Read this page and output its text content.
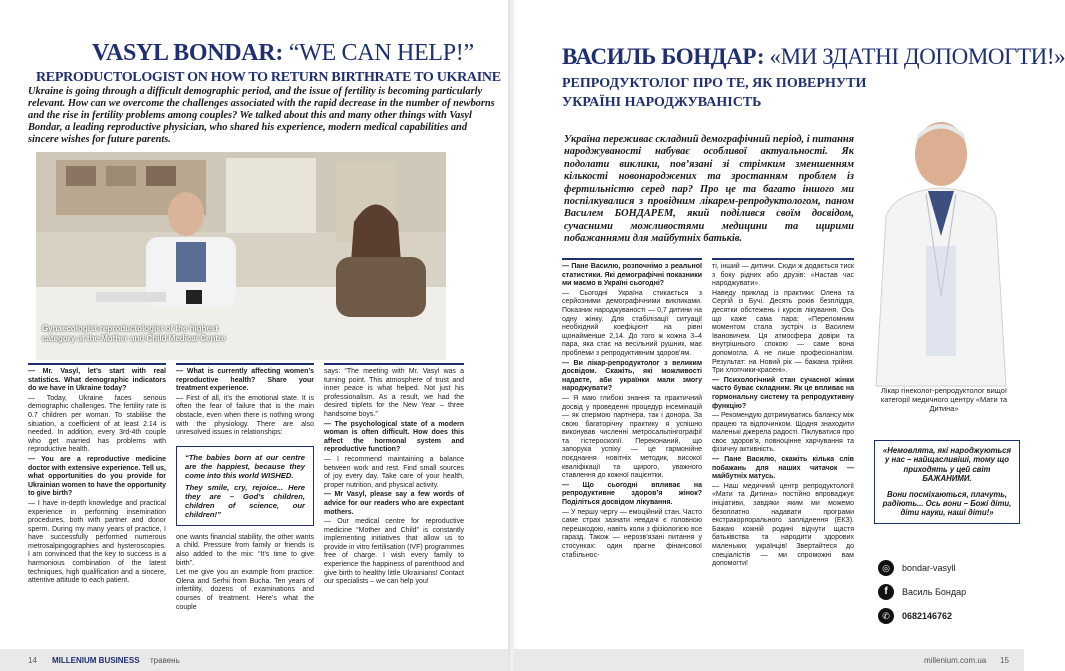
VASYL BONDAR: “WE CAN HELP!”
REPRODUCTOLOGIST ON HOW TO RETURN BIRTHRATE TO UKRAINE

Ukraine is going through a difficult demographic period, and the issue of fertility is becoming particularly relevant. How can we overcome the challenges associated with the rapid decrease in the number of newborns and the rise in fertility problems among couples? We talked about this and many other things with Vasyl Bondar, a leading reproductive physician, who shared his experience, modern medical capabilities and sincere wishes for future parents.

Gynaecologist-reproductologist of the highest category at the Mother and Child Medical Centre

— Mr. Vasyl, let’s start with real statistics. What demographic indicators do we have in Ukraine today?

— Today, Ukraine faces serious demographic challenges. The fertility rate is 0.7 children per woman. To stabilise the situation, a coefficient of at least 2.14 is needed. In addition, every 3rd-4th couple who get married has problems with reproductive health.

— You are a reproductive medicine doctor with extensive experience. Tell us, what opportunities do you provide for Ukrainian women to have the opportunity to give birth?

— I have in-depth knowledge and practical experience in performing insemination procedures, both with partner and donor sperm. During my many years of practice, I have successfully performed numerous metrosalpingographies and hysteroscopies. I am convinced that the key to success is a harmonious combination of the latest techniques, high qualification and a sincere, attentive attitude to each patient.

— What is currently affecting women’s reproductive health? Share your treatment experience.

— First of all, it’s the emotional state. It is often the fear of failure that is the main obstacle, even when there is nothing wrong with the physiology. There are also unresolved issues in relationships:

“The babies born at our centre are the happiest, because they come into this world WISHED.
They smile, cry, rejoice... Here they are – God’s children, children of science, our children!”

one wants financial stability, the other wants a child. Pressure from family or friends is also added to the mix: “It’s time to give birth”.

Let me give you an example from practice: Olena and Serhii from Bucha. Ten years of infertility, dozens of examinations and courses of treatment. Here’s what the couple

says: “The meeting with Mr. Vasyl was a turning point. This atmosphere of trust and inner peace is what helped. Not just his professionalism. As a result, we had the desired triplets for the New Year – three handsome boys.”

— The psychological state of a modern woman is often difficult. How does this affect the hormonal system and reproductive function?

— I recommend maintaining a balance between work and rest. Find small sources of joy every day. Take care of your health, proper nutrition, and physical activity.

— Mr Vasyl, please say a few words of advice for our readers who are expectant mothers.

— Our medical centre for reproductive medicine “Mother and Child” is constantly implementing initiatives that allow us to provide in vitro fertilisation (IVF) programmes free of charge. I wish every family to experience the happiness of parenthood and give birth to healthy little Ukrainians! Contact our specialists – we can help you!

14 MILLENIUM BUSINESS травень
ВАСИЛЬ БОНДАР: «МИ ЗДАТНІ ДОПОМОГТИ!»
РЕПРОДУКТОЛОГ ПРО ТЕ, ЯК ПОВЕРНУТИ УКРАЇНІ НАРОДЖУВАНІСТЬ

Україна переживає складний демографічний період, і питання народжуваності набуває особливої актуальності. Як подолати виклики, пов’язані зі стрімким зменшенням кількості новонароджених та зростанням проблем із фертильністю серед пар? Про це та багато іншого ми поспілкувалися з провідним лікарем-репродуктологом, паном Василем БОНДАРЕМ, який поділився своїм досвідом, сучасними можливостями медицини та щирими побажаннями для майбутніх батьків.

— Пане Василю, розпочнімо з реальної статистики. Які демографічні показники ми маємо в Україні сьогодні?

— Сьогодні Україна стикається з серйозними демографічними викликами. Показник народжуваності — 0,7 дитини на одну жінку. Для стабілізації ситуації необхідний коефіцієнт на рівні щонайменше 2,14. До того ж кожна 3–4 пара, яка стає на весільний рушник, має проблеми з репродуктивним здоров’ям.

— Ви лікар-репродуктолог з великим досвідом. Скажіть, які можливості надаєте, аби українки мали змогу народжувати?

— Я маю глибокі знання та практичний досвід у проведенні процедур інсемінацій — як спермою партнера, так і донора. За свою багаторічну практику я успішно виконував численні метросальпінгографії та гістероскопії. Переконаний, що запорука успіху — це гармонійне поєднання новітніх методик, високої кваліфікації та щирого, уважного ставлення до кожної пацієнтки.

— Що сьогодні впливає на репродуктивне здоров’я жінок? Поділіться досвідом лікування.

— У першу чергу — емоційний стан. Часто саме страх зазнати невдачі є головною перешкодою, навіть коли з фізіологією все гаразд. Також — нерозв’язані питання у стосунках: один прагне фінансової стабільнос-

ті, інший — дитини. Сюди ж додається тиск з боку рідних або друзів: «Настав час народжувати».

Наведу приклад із практики: Олена та Сергій із Бучі. Десять років безпліддя, десятки обстежень і курсів лікування. Ось що каже сама пара: «Переломним моментом стала зустріч із Василем Івановичем. Ця атмосфера довіри та внутрішнього спокою — саме вона допомогла. А не лише професіоналізм. Результат: на Новий рік — бажана трійня. Три хлопчики-красені».

— Психологічний стан сучасної жінки часто буває складним. Як це впливає на гормональну систему та репродуктивну функцію?

— Рекомендую дотримуватись балансу між працею та відпочинком. Щодня знаходити маленькі джерела радості. Піклуватися про своє здоров’я, повноцінне харчування та фізичну активність.

— Пане Василю, скажіть кілька слів побажань для наших читачок — майбутніх матусь.

— Наш медичний центр репродуктології «Мати та Дитина» постійно впроваджує ініціативи, завдяки яким ми можемо безоплатно надавати програми екстракорпорального запліднення (ЕКЗ). Бажаю кожній родині відчути щастя батьківства та народити здорових маленьких українців! Звертайтеся до спеціалістів — ми спроможні вам допомогти!

Лікар гінеколог-репродуктолог вищої категорії медичного центру «Мати та Дитина»

«Немовлята, які народжуються у нас – найщасливіші, тому що приходять у цей світ БАЖАНИМИ.
Вони посміхаються, плачуть, радіють... Ось вони – Божі діти, діти науки, наші діти!»
◎	bondar-vasyll
f	Василь Бондар
✆	0682146762
millenium.com.ua 15
